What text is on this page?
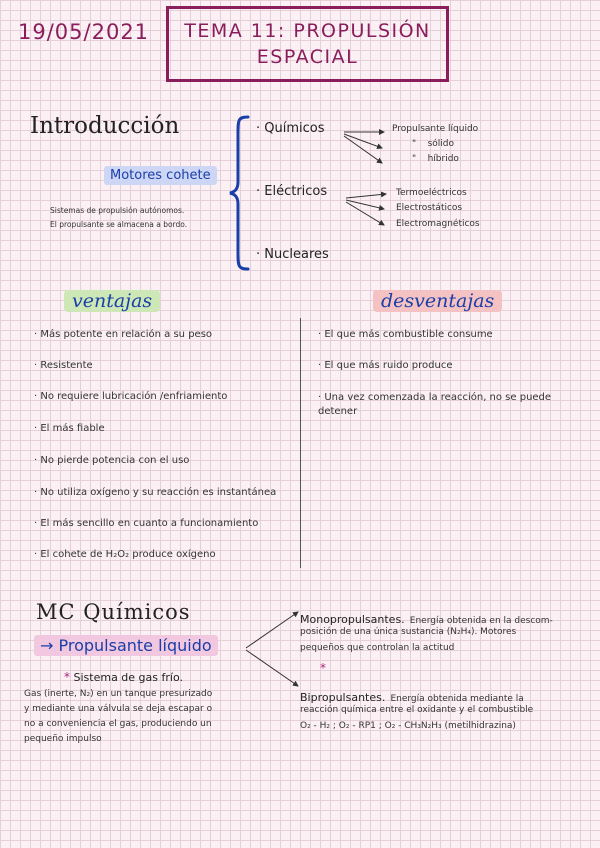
19/05/2021 TEMA 11: PROPULSIÓN
ESPACIAL
Introducción
Motores cohete
Sistemas de propulsión autónomos.
El propulsante se almacena a bordo.
· Químicos	Propulsante líquido
"    sólido
"    híbrido
· Eléctricos	Termoeléctricos
Electrostáticos
Electromagnéticos
· Nucleares
ventajas	desventajas
· Más potente en relación a su peso
· Resistente
· No requiere lubricación /enfriamiento
· El más fiable
· No pierde potencia con el uso
· No utiliza oxígeno y su reacción es instantánea
· El más sencillo en cuanto a funcionamiento
· El cohete de H₂O₂ produce oxígeno
· El que más combustible consume
· El que más ruido produce
· Una vez comenzada la reacción, no se puede
detener
MC Químicos
→ Propulsante líquido
* Sistema de gas frío.
Gas (inerte, N₂) en un tanque presurizado
y mediante una válvula se deja escapar o
no a conveniencia el gas, produciendo un
pequeño impulso
Monopropulsantes. Energía obtenida en la descom-
posición de una única sustancia (N₂H₄). Motores
pequeños que controlan la actitud
*
Bipropulsantes. Energía obtenida mediante la
reacción química entre el oxidante y el combustible
O₂ - H₂ ; O₂ - RP1 ; O₂ - CH₃N₂H₃ (metilhidrazina)
